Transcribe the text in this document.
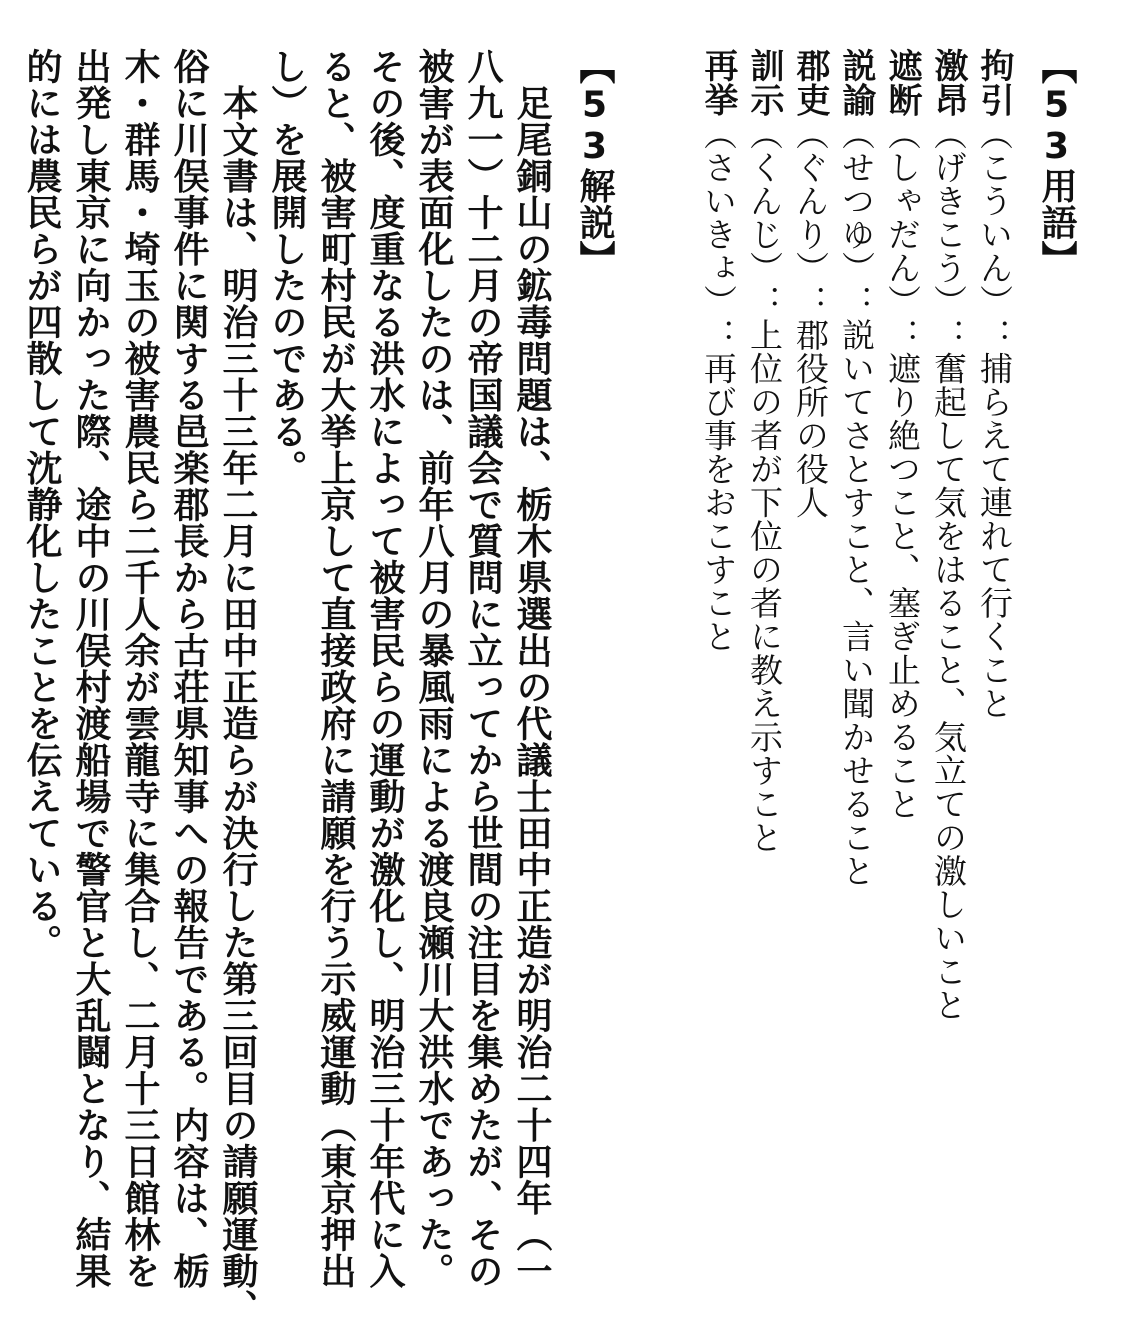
【53用語】
拘引（こういん）：捕らえて連れて行くこと
激昂（げきこう）：奮起して気をはること、気立ての激しいこと
遮断（しゃだん）：遮り絶つこと、塞ぎ止めること
説諭（せつゆ）：説いてさとすこと、言い聞かせること
郡吏（ぐんり）：郡役所の役人
訓示（くんじ）：上位の者が下位の者に教え示すこと
再挙（さいきょ）：再び事をおこすこと
【53解説】
　足尾銅山の鉱毒問題は、栃木県選出の代議士田中正造が明治二十四年（一
八九一）十二月の帝国議会で質問に立ってから世間の注目を集めたが、その
被害が表面化したのは、前年八月の暴風雨による渡良瀬川大洪水であった。
その後、度重なる洪水によって被害民らの運動が激化し、明治三十年代に入
ると、被害町村民が大挙上京して直接政府に請願を行う示威運動（東京押出
し）を展開したのである。
　本文書は、明治三十三年二月に田中正造らが決行した第三回目の請願運動、
俗に川俣事件に関する邑楽郡長から古荘県知事への報告である。内容は、栃
木・群馬・埼玉の被害農民ら二千人余が雲龍寺に集合し、二月十三日館林を
出発し東京に向かった際、途中の川俣村渡船場で警官と大乱闘となり、結果
的には農民らが四散して沈静化したことを伝えている。
